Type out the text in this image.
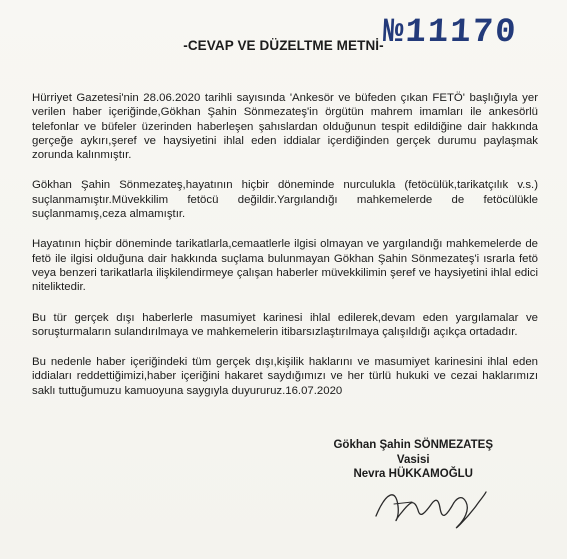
-CEVAP VE DÜZELTME METNİ-
№11170

Hürriyet Gazetesi'nin 28.06.2020 tarihli sayısında 'Ankesör ve büfeden çıkan FETÖ' başlığıyla yer verilen haber içeriğinde,Gökhan Şahin Sönmezateş'in örgütün mahrem imamları ile ankesörlü telefonlar ve büfeler üzerinden haberleşen şahıslardan olduğunun tespit edildiğine dair hakkında gerçeğe aykırı,şeref ve haysiyetini ihlal eden iddialar içerdiğinden gerçek durumu paylaşmak zorunda kalınmıştır.

Gökhan Şahin Sönmezateş,hayatının hiçbir döneminde nurculukla (fetöcülük,tarikatçılık v.s.) suçlanmamıştır.Müvekkilim fetöcü değildir.Yargılandığı mahkemelerde de fetöcülükle suçlanmamış,ceza almamıştır.

Hayatının hiçbir döneminde tarikatlarla,cemaatlerle ilgisi olmayan ve yargılandığı mahkemelerde de fetö ile ilgisi olduğuna dair hakkında suçlama bulunmayan Gökhan Şahin Sönmezateş'i ısrarla fetö veya benzeri tarikatlarla ilişkilendirmeye çalışan haberler müvekkilimin şeref ve haysiyetini ihlal edici niteliktedir.

Bu tür gerçek dışı haberlerle masumiyet karinesi ihlal edilerek,devam eden yargılamalar ve soruşturmaların sulandırılmaya ve mahkemelerin itibarsızlaştırılmaya çalışıldığı açıkça ortadadır.

Bu nedenle haber içeriğindeki tüm gerçek dışı,kişilik haklarını ve masumiyet karinesini ihlal eden iddiaları reddettiğimizi,haber içeriğini hakaret saydığımızı ve her türlü hukuki ve cezai haklarımızı saklı tuttuğumuzu kamuoyuna saygıyla duyururuz.16.07.2020

Gökhan Şahin SÖNMEZATEŞ
Vasisi
Nevra HÜKKAMOĞLU
